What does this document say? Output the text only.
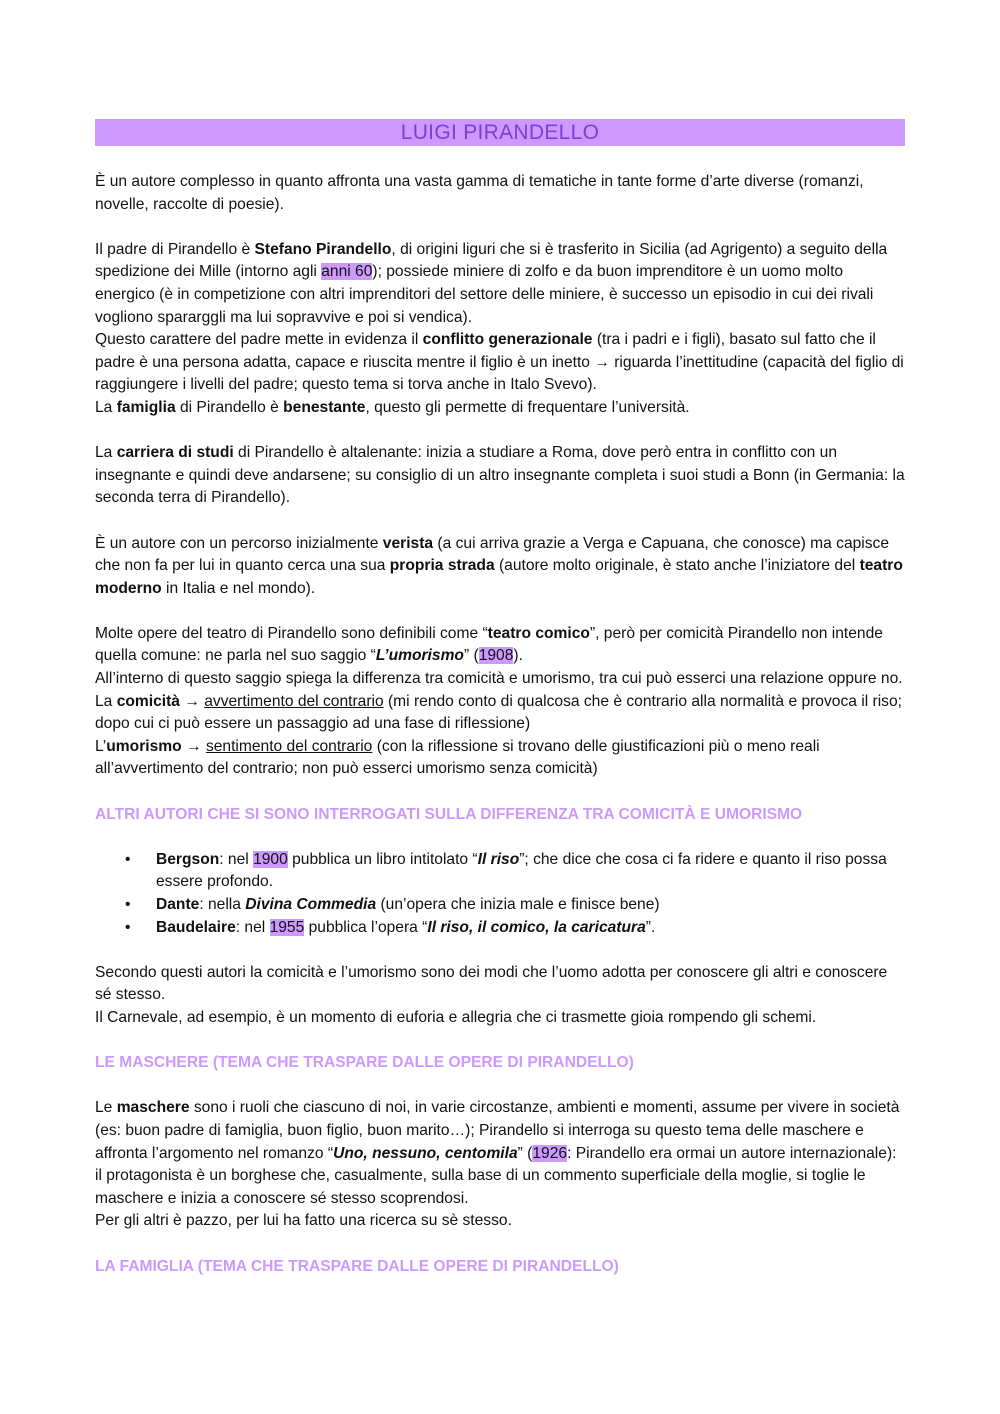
LUIGI PIRANDELLO

È un autore complesso in quanto affronta una vasta gamma di tematiche in tante forme d’arte diverse (romanzi, novelle, raccolte di poesie).

Il padre di Pirandello è Stefano Pirandello, di origini liguri che si è trasferito in Sicilia (ad Agrigento) a seguito della spedizione dei Mille (intorno agli anni 60); possiede miniere di zolfo e da buon imprenditore è un uomo molto energico (è in competizione con altri imprenditori del settore delle miniere, è successo un episodio in cui dei rivali vogliono spararggli ma lui sopravvive e poi si vendica).

Questo carattere del padre mette in evidenza il conflitto generazionale (tra i padri e i figli), basato sul fatto che il padre è una persona adatta, capace e riuscita mentre il figlio è un inetto → riguarda l’inettitudine (capacità del figlio di raggiungere i livelli del padre; questo tema si torva anche in Italo Svevo).

La famiglia di Pirandello è benestante, questo gli permette di frequentare l’università.

La carriera di studi di Pirandello è altalenante: inizia a studiare a Roma, dove però entra in conflitto con un insegnante e quindi deve andarsene; su consiglio di un altro insegnante completa i suoi studi a Bonn (in Germania: la seconda terra di Pirandello).

È un autore con un percorso inizialmente verista (a cui arriva grazie a Verga e Capuana, che conosce) ma capisce che non fa per lui in quanto cerca una sua propria strada (autore molto originale, è stato anche l’iniziatore del teatro moderno in Italia e nel mondo).

Molte opere del teatro di Pirandello sono definibili come “teatro comico”, però per comicità Pirandello non intende quella comune: ne parla nel suo saggio “L’umorismo” (1908).

All’interno di questo saggio spiega la differenza tra comicità e umorismo, tra cui può esserci una relazione oppure no.

La comicità → avvertimento del contrario (mi rendo conto di qualcosa che è contrario alla normalità e provoca il riso; dopo cui ci può essere un passaggio ad una fase di riflessione)

L’umorismo → sentimento del contrario (con la riflessione si trovano delle giustificazioni più o meno reali all’avvertimento del contrario; non può esserci umorismo senza comicità)

ALTRI AUTORI CHE SI SONO INTERROGATI SULLA DIFFERENZA TRA COMICITÀ E UMORISMO
• Bergson: nel 1900 pubblica un libro intitolato “Il riso”; che dice che cosa ci fa ridere e quanto il riso possa essere profondo.
• Dante: nella Divina Commedia (un’opera che inizia male e finisce bene)
• Baudelaire: nel 1955 pubblica l’opera “Il riso, il comico, la caricatura”.

Secondo questi autori la comicità e l’umorismo sono dei modi che l’uomo adotta per conoscere gli altri e conoscere sé stesso.

Il Carnevale, ad esempio, è un momento di euforia e allegria che ci trasmette gioia rompendo gli schemi.

LE MASCHERE (TEMA CHE TRASPARE DALLE OPERE DI PIRANDELLO)

Le maschere sono i ruoli che ciascuno di noi, in varie circostanze, ambienti e momenti, assume per vivere in società (es: buon padre di famiglia, buon figlio, buon marito…); Pirandello si interroga su questo tema delle maschere e affronta l’argomento nel romanzo “Uno, nessuno, centomila” (1926: Pirandello era ormai un autore internazionale): il protagonista è un borghese che, casualmente, sulla base di un commento superficiale della moglie, si toglie le maschere e inizia a conoscere sé stesso scoprendosi.

Per gli altri è pazzo, per lui ha fatto una ricerca su sè stesso.

LA FAMIGLIA (TEMA CHE TRASPARE DALLE OPERE DI PIRANDELLO)
